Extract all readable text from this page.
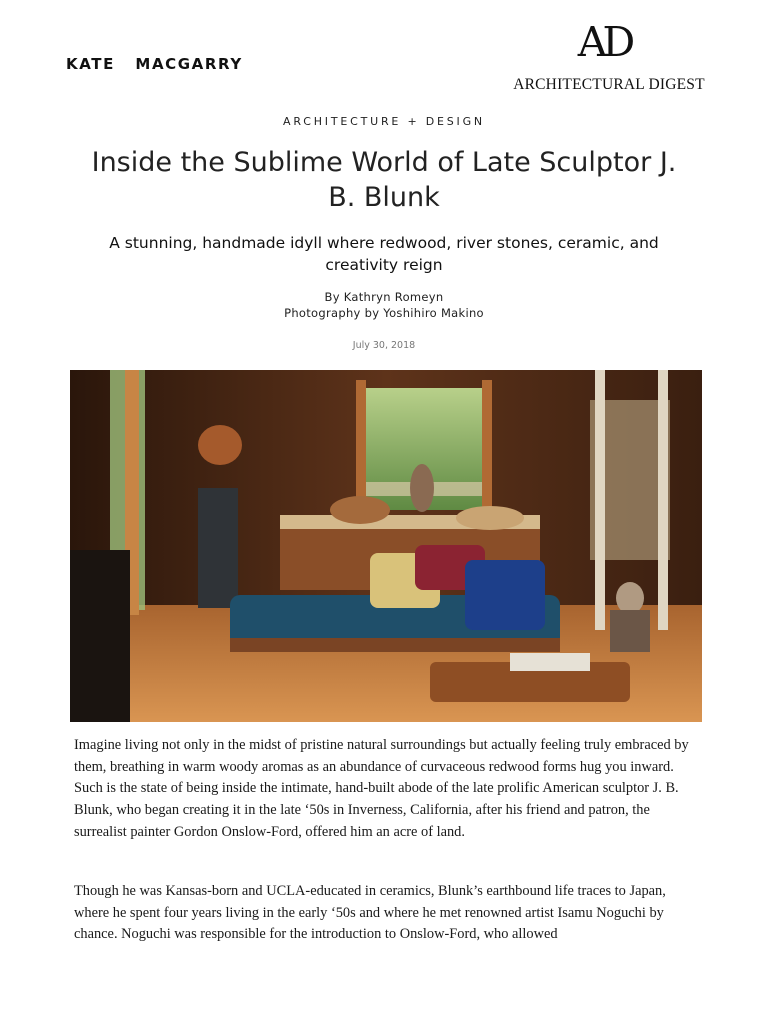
KATE   MACGARRY	AD
ARCHITECTURAL DIGEST
ARCHITECTURE + DESIGN
Inside the Sublime World of Late Sculptor J. B. Blunk
A stunning, handmade idyll where redwood, river stones, ceramic, and creativity reign
By Kathryn Romeyn
Photography by Yoshihiro Makino
July 30, 2018

Imagine living not only in the midst of pristine natural surroundings but actually feeling truly embraced by them, breathing in warm woody aromas as an abundance of curvaceous redwood forms hug you inward. Such is the state of being inside the intimate, hand-built abode of the late prolific American sculptor J. B. Blunk, who began creating it in the late ‘50s in Inverness, California, after his friend and patron, the surrealist painter Gordon Onslow-Ford, offered him an acre of land.

Though he was Kansas-born and UCLA-educated in ceramics, Blunk’s earthbound life traces to Japan, where he spent four years living in the early ‘50s and where he met renowned artist Isamu Noguchi by chance. Noguchi was responsible for the introduction to Onslow-Ford, who allowed
